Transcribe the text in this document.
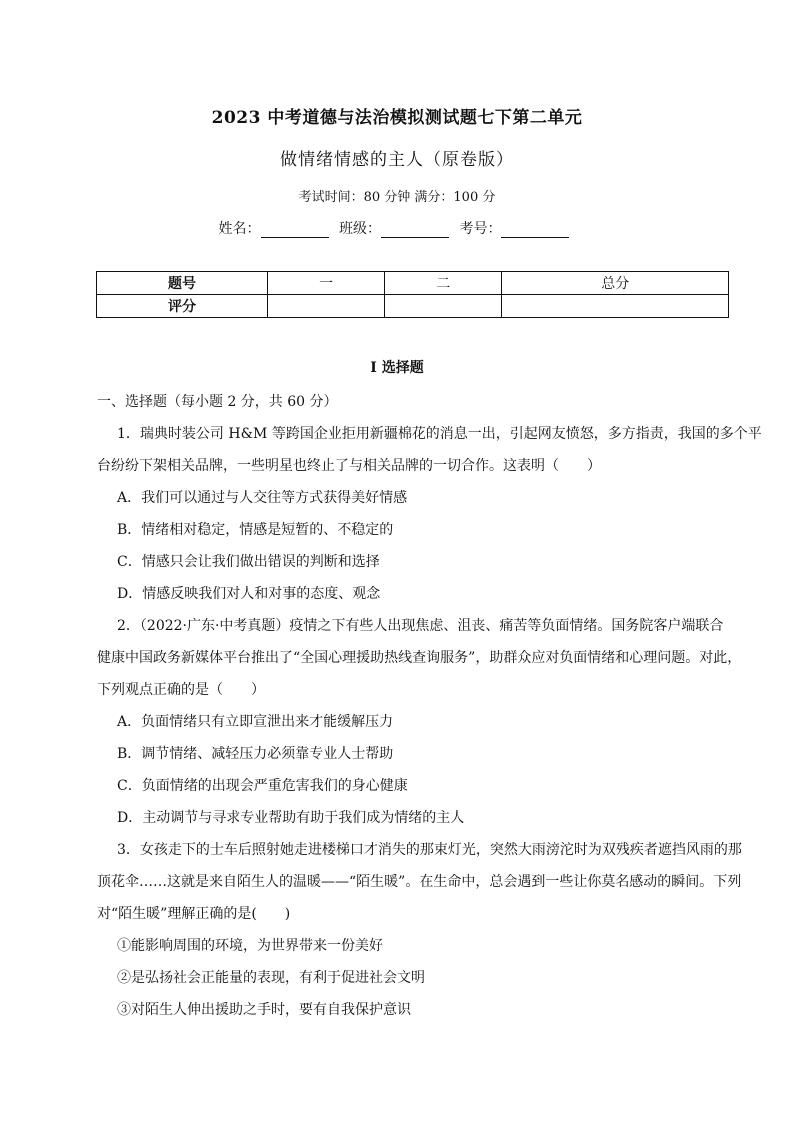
2023 中考道德与法治模拟测试题七下第二单元
做情绪情感的主人（原卷版）
考试时间：80 分钟 满分：100 分
姓名：	班级：	考号：
题号	一	二	总分
评分			
I 选择题
一、选择题（每小题 2 分，共 60 分）
1．瑞典时装公司 H&M 等跨国企业拒用新疆棉花的消息一出，引起网友愤怒，多方指责，我国的多个平
台纷纷下架相关品牌，一些明星也终止了与相关品牌的一切合作。这表明（　　）
A．我们可以通过与人交往等方式获得美好情感
B．情绪相对稳定，情感是短暂的、不稳定的
C．情感只会让我们做出错误的判断和选择
D．情感反映我们对人和对事的态度、观念
2．（2022·广东·中考真题）疫情之下有些人出现焦虑、沮丧、痛苦等负面情绪。国务院客户端联合
健康中国政务新媒体平台推出了“全国心理援助热线查询服务”，助群众应对负面情绪和心理问题。对此，
下列观点正确的是（　　）
A．负面情绪只有立即宣泄出来才能缓解压力
B．调节情绪、减轻压力必须靠专业人士帮助
C．负面情绪的出现会严重危害我们的身心健康
D．主动调节与寻求专业帮助有助于我们成为情绪的主人
3．女孩走下的士车后照射她走进楼梯口才消失的那束灯光，突然大雨滂沱时为双残疾者遮挡风雨的那
顶花伞……这就是来自陌生人的温暖——“陌生暖”。在生命中，总会遇到一些让你莫名感动的瞬间。下列
对“陌生暖”理解正确的是(　　)
①能影响周围的环境，为世界带来一份美好
②是弘扬社会正能量的表现，有利于促进社会文明
③对陌生人伸出援助之手时，要有自我保护意识
